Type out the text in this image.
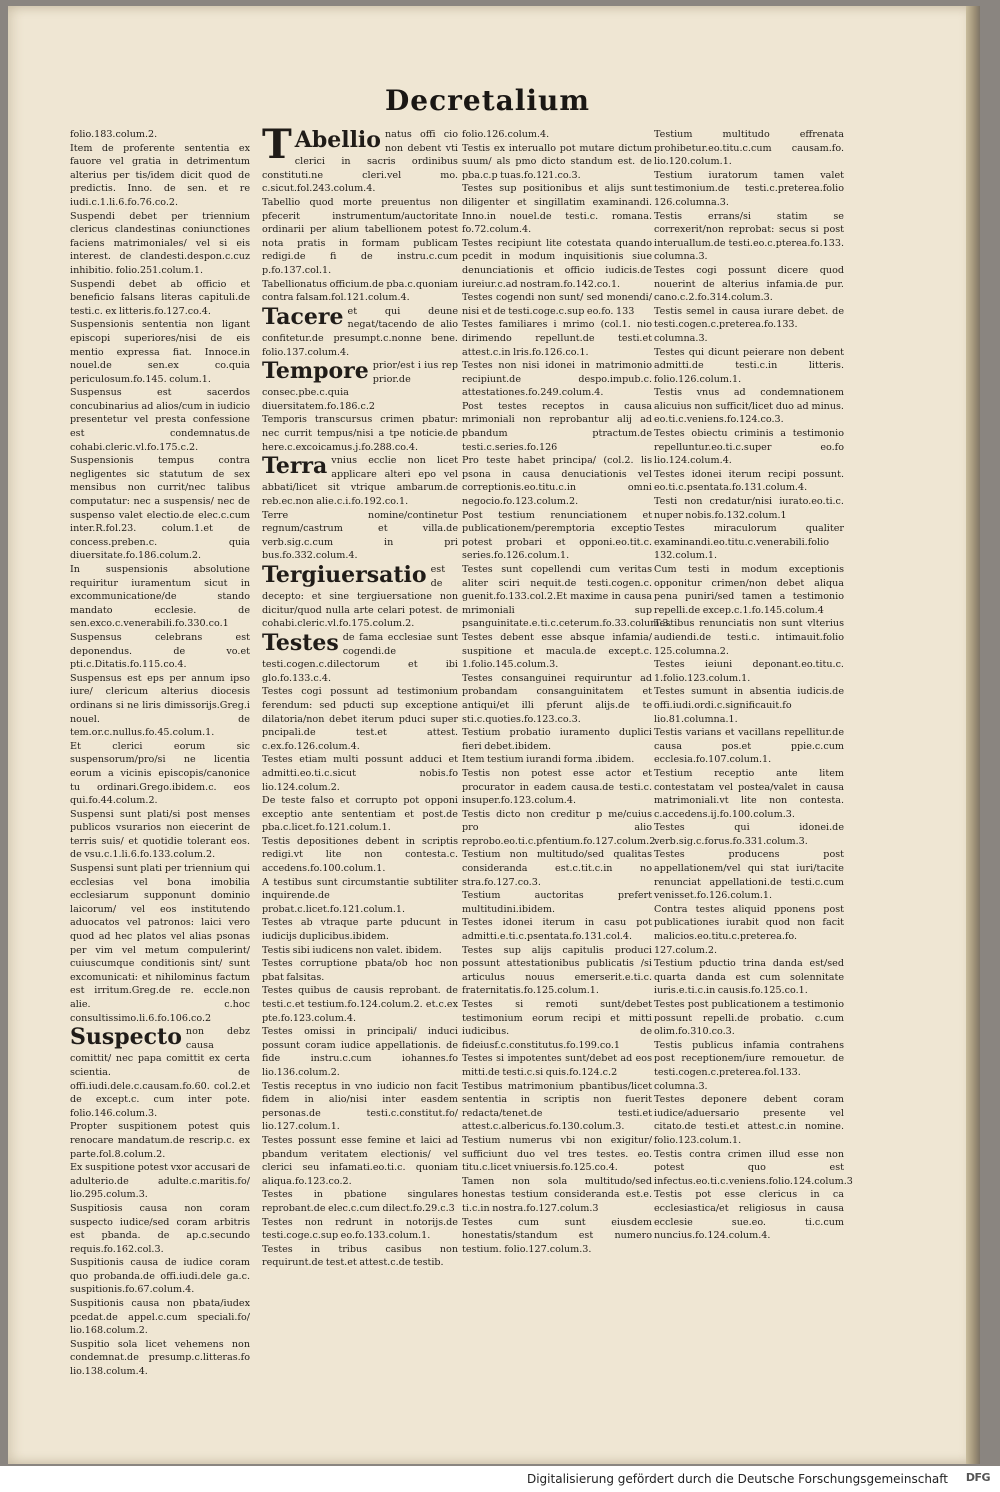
Decretalium

folio.183.colum.2.

Item de proferente sententia ex fauore vel gratia in detrimentum alterius per tis/idem dicit quod de predictis. Inno. de sen. et re iudi.c.1.li.6.fo.76.co.2.

Suspendi debet per triennium clericus clandestinas coniunctiones faciens matrimoniales/ vel si eis interest. de clandesti.despon.c.cuz inhibitio. folio.251.colum.1.

Suspendi debet ab officio et beneficio falsans literas capituli.de testi.c. ex litteris.fo.127.co.4.

Suspensionis sententia non ligant episcopi superiores/nisi de eis mentio expressa fiat. Innoce.in nouel.de sen.ex co.quia periculosum.fo.145. colum.1.

Suspensus est sacerdos concubinarius ad alios/cum in iudicio presentetur vel presta confessione est condemnatus.de cohabi.cleric.vl.fo.175.c.2.

Suspensionis tempus contra negligentes sic statutum de sex mensibus non currit/nec talibus computatur: nec a suspensis/ nec de suspenso valet electio.de elec.c.cum inter.R.fol.23. colum.1.et de concess.preben.c. quia diuersitate.fo.186.colum.2.

In suspensionis absolutione requiritur iuramentum sicut in excommunicatione/de stando mandato ecclesie. de sen.exco.c.venerabili.fo.330.co.1

Suspensus celebrans est deponendus. de vo.et pti.c.Ditatis.fo.115.co.4.

Suspensus est eps per annum ipso iure/ clericum alterius diocesis ordinans si ne liris dimissorijs.Greg.i nouel. de tem.or.c.nullus.fo.45.colum.1.

Et clerici eorum sic suspensorum/pro/si ne licentia eorum a vicinis episcopis/canonice tu ordinari.Grego.ibidem.c. eos qui.fo.44.colum.2.

Suspensi sunt plati/si post menses publicos vsurarios non eiecerint de terris suis/ et quotidie tolerant eos. de vsu.c.1.li.6.fo.133.colum.2.

Suspensi sunt plati per triennium qui ecclesias vel bona imobilia ecclesiarum supponunt dominio laicorum/ vel eos institutendo aduocatos vel patronos: laici vero quod ad hec platos vel alias psonas per vim vel metum compulerint/ cuiuscumque conditionis sint/ sunt excomunicati: et nihilominus factum est irritum.Greg.de re. eccle.non alie. c.hoc consultissimo.li.6.fo.106.co.2

Suspecto non debz causa comittit/ nec papa comittit ex certa scientia. de offi.iudi.dele.c.causam.fo.60. col.2.et de except.c. cum inter pote. folio.146.colum.3.

Propter suspitionem potest quis renocare mandatum.de rescrip.c. ex parte.fol.8.colum.2.

Ex suspitione potest vxor accusari de adulterio.de adulte.c.maritis.fo/ lio.295.colum.3.

Suspitiosis causa non coram suspecto iudice/sed coram arbitris est pbanda. de ap.c.secundo requis.fo.162.col.3.

Suspitionis causa de iudice coram quo probanda.de offi.iudi.dele ga.c. suspitionis.fo.67.colum.4.

Suspitionis causa non pbata/iudex pcedat.de appel.c.cum speciali.fo/ lio.168.colum.2.

Suspitio sola licet vehemens non condemnat.de presump.c.litteras.fo lio.138.colum.4.

T Abellio natus offi cio non debent vti clerici in sacris ordinibus constituti.ne cleri.vel mo. c.sicut.fol.243.colum.4.

Tabellio quod morte preuentus non pfecerit instrumentum/auctoritate ordinarii per alium tabellionem potest nota pratis in formam publicam redigi.de fi de instru.c.cum p.fo.137.col.1.

Tabellionatus officium.de pba.c.quoniam contra falsam.fol.121.colum.4.

Tacere et qui deune negat/tacendo de alio confitetur.de presumpt.c.nonne bene. folio.137.colum.4.

Tempore prior/est i ius rep prior.de consec.pbe.c.quia diuersitatem.fo.186.c.2

Temporis transcursus crimen pbatur: nec currit tempus/nisi a tpe noticie.de here.c.excoicamus.j.fo.288.co.4.

Terra vnius ecclie non licet applicare alteri epo vel abbati/licet sit vtrique ambarum.de reb.ec.non alie.c.i.fo.192.co.1.

Terre nomine/continetur regnum/castrum et villa.de verb.sig.c.cum in pri bus.fo.332.colum.4.

Tergiuersatio est de decepto: et sine tergiuersatione non dicitur/quod nulla arte celari potest. de cohabi.cleric.vl.fo.175.colum.2.

Testes de fama ecclesiae sunt cogendi.de testi.cogen.c.dilectorum et ibi glo.fo.133.c.4.

Testes cogi possunt ad testimonium ferendum: sed pducti sup exceptione dilatoria/non debet iterum pduci super pncipali.de test.et attest. c.ex.fo.126.colum.4.

Testes etiam multi possunt adduci et admitti.eo.ti.c.sicut nobis.fo lio.124.colum.2.

De teste falso et corrupto pot opponi exceptio ante sententiam et post.de pba.c.licet.fo.121.colum.1.

Testis depositiones debent in scriptis redigi.vt lite non contesta.c. accedens.fo.100.colum.1.

A testibus sunt circumstantie subtiliter inquirende.de probat.c.licet.fo.121.colum.1.

Testes ab vtraque parte pducunt in iudicijs duplicibus.ibidem.

Testis sibi iudicens non valet. ibidem.

Testes corruptione pbata/ob hoc non pbat falsitas.

Testes quibus de causis reprobant. de testi.c.et testium.fo.124.colum.2. et.c.ex pte.fo.123.colum.4.

Testes omissi in principali/ induci possunt coram iudice appellationis. de fide instru.c.cum iohannes.fo lio.136.colum.2.

Testis receptus in vno iudicio non facit fidem in alio/nisi inter easdem personas.de testi.c.constitut.fo/ lio.127.colum.1.

Testes possunt esse femine et laici ad pbandum veritatem electionis/ vel clerici seu infamati.eo.ti.c. quoniam aliqua.fo.123.co.2.

Testes in pbatione singulares reprobant.de elec.c.cum dilect.fo.29.c.3

Testes non redrunt in notorijs.de testi.coge.c.sup eo.fo.133.colum.1.

Testes in tribus casibus non requirunt.de test.et attest.c.de testib.

folio.126.colum.4.

Testis ex interuallo pot mutare dictum suum/ als pmo dicto standum est. de pba.c.p tuas.fo.121.co.3.

Testes sup positionibus et alijs sunt diligenter et singillatim examinandi. Inno.in nouel.de testi.c. romana. fo.72.colum.4.

Testes recipiunt lite cotestata quando pcedit in modum inquisitionis siue denunciationis et officio iudicis.de iureiur.c.ad nostram.fo.142.co.1.

Testes cogendi non sunt/ sed monendi/ nisi et de testi.coge.c.sup eo.fo. 133

Testes familiares i mrimo (col.1. nio dirimendo repellunt.de testi.et attest.c.in lris.fo.126.co.1.

Testes non nisi idonei in matrimonio recipiunt.de despo.impub.c. attestationes.fo.249.colum.4.

Post testes receptos in causa mrimoniali non reprobantur alij ad pbandum ptractum.de testi.c.series.fo.126

Pro teste habet principa/ (col.2. lis psona in causa denuciationis vel correptionis.eo.titu.c.in omni negocio.fo.123.colum.2.

Post testium renunciationem et publicationem/peremptoria exceptio potest probari et opponi.eo.tit.c. series.fo.126.colum.1.

Testes sunt copellendi cum veritas aliter sciri nequit.de testi.cogen.c. guenit.fo.133.col.2.Et maxime in causa mrimoniali sup psanguinitate.e.ti.c.ceterum.fo.33.colum.3.

Testes debent esse absque infamia/ suspitione et macula.de except.c. 1.folio.145.colum.3.

Testes consanguinei requiruntur ad probandam consanguinitatem et antiqui/et illi pferunt alijs.de te sti.c.quoties.fo.123.co.3.

Testium probatio iuramento duplici fieri debet.ibidem.

Item testium iurandi forma .ibidem.

Testis non potest esse actor et procurator in eadem causa.de testi.c. insuper.fo.123.colum.4.

Testis dicto non creditur p me/cuius pro alio reprobo.eo.ti.c.pfentium.fo.127.colum.2.

Testium non multitudo/sed qualitas consideranda est.c.tit.c.in no stra.fo.127.co.3.

Testium auctoritas prefert multitudini.ibidem.

Testes idonei iterum in casu pot admitti.e.ti.c.psentata.fo.131.col.4.

Testes sup alijs capitulis produci possunt attestationibus publicatis /si articulus nouus emerserit.e.ti.c. fraternitatis.fo.125.colum.1.

Testes si remoti sunt/debet testimonium eorum recipi et mitti iudicibus. de fideiusf.c.constitutus.fo.199.co.1

Testes si impotentes sunt/debet ad eos mitti.de testi.c.si quis.fo.124.c.2

Testibus matrimonium pbantibus/licet sententia in scriptis non fuerit redacta/tenet.de testi.et attest.c.albericus.fo.130.colum.3.

Testium numerus vbi non exigitur/ sufficiunt duo vel tres testes. eo. titu.c.licet vniuersis.fo.125.co.4.

Tamen non sola multitudo/sed honestas testium consideranda est.e. ti.c.in nostra.fo.127.colum.3

Testes cum sunt eiusdem honestatis/standum est numero testium. folio.127.colum.3.

Testium multitudo effrenata prohibetur.eo.titu.c.cum causam.fo. lio.120.colum.1.

Testium iuratorum tamen valet testimonium.de testi.c.preterea.folio 126.columna.3.

Testis errans/si statim se correxerit/non reprobat: secus si post interuallum.de testi.eo.c.pterea.fo.133. columna.3.

Testes cogi possunt dicere quod nouerint de alterius infamia.de pur. cano.c.2.fo.314.colum.3.

Testis semel in causa iurare debet. de testi.cogen.c.preterea.fo.133. columna.3.

Testes qui dicunt peierare non debent admitti.de testi.c.in litteris. folio.126.colum.1.

Testis vnus ad condemnationem alicuius non sufficit/licet duo ad minus. eo.ti.c.veniens.fo.124.co.3.

Testes obiectu criminis a testimonio repelluntur.eo.ti.c.super eo.fo lio.124.colum.4.

Testes idonei iterum recipi possunt. eo.ti.c.psentata.fo.131.colum.4.

Testi non credatur/nisi iurato.eo.ti.c. nuper nobis.fo.132.colum.1

Testes miraculorum qualiter examinandi.eo.titu.c.venerabili.folio 132.colum.1.

Cum testi in modum exceptionis opponitur crimen/non debet aliqua pena puniri/sed tamen a testimonio repelli.de excep.c.1.fo.145.colum.4

Testibus renunciatis non sunt vlterius audiendi.de testi.c. intimauit.folio 125.columna.2.

Testes ieiuni deponant.eo.titu.c. 1.folio.123.colum.1.

Testes sumunt in absentia iudicis.de offi.iudi.ordi.c.significauit.fo lio.81.columna.1.

Testis varians et vacillans repellitur.de causa pos.et ppie.c.cum ecclesia.fo.107.colum.1.

Testium receptio ante litem contestatam vel postea/valet in causa matrimoniali.vt lite non contesta. c.accedens.ij.fo.100.colum.3.

Testes qui idonei.de verb.sig.c.forus.fo.331.colum.3.

Testes producens post appellationem/vel qui stat iuri/tacite renunciat appellationi.de testi.c.cum venisset.fo.126.colum.1.

Contra testes aliquid pponens post publicationes iurabit quod non facit malicios.eo.titu.c.preterea.fo. 127.colum.2.

Testium pductio trina danda est/sed quarta danda est cum solennitate iuris.e.ti.c.in causis.fo.125.co.1.

Testes post publicationem a testimonio possunt repelli.de probatio. c.cum olim.fo.310.co.3.

Testis publicus infamia contrahens post receptionem/iure remouetur. de testi.cogen.c.preterea.fol.133. columna.3.

Testes deponere debent coram iudice/aduersario presente vel citato.de testi.et attest.c.in nomine. folio.123.colum.1.

Testis contra crimen illud esse non potest quo est infectus.eo.ti.c.veniens.folio.124.colum.3

Testis pot esse clericus in ca ecclesiastica/et religiosus in causa ecclesie sue.eo. ti.c.cum nuncius.fo.124.colum.4.

Digitalisierung gefördert durch die Deutsche Forschungsgemeinschaft DFG
